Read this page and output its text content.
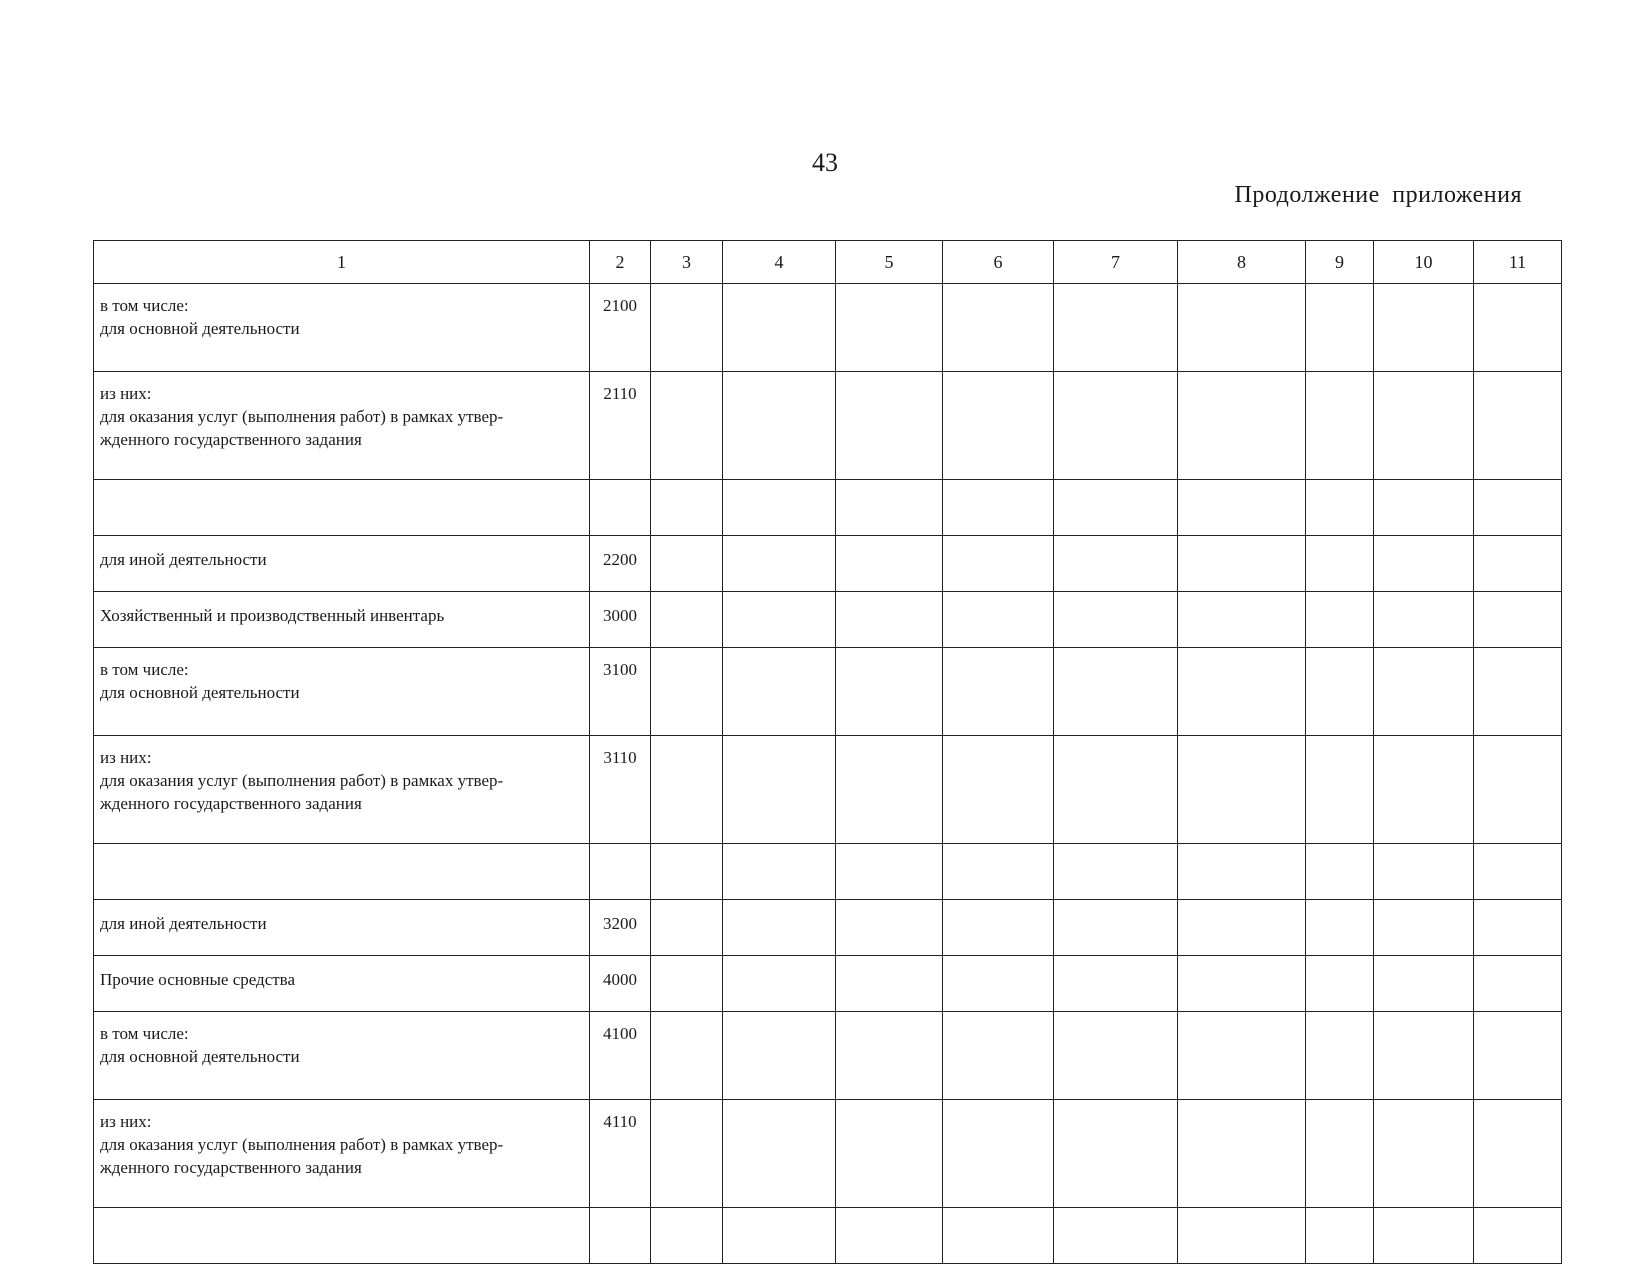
43
Продолжение приложения
1	2	3	4	5	6	7	8	9	10	11

в том числе:
для основной деятельности	2100									

из них:
для оказания услуг (выполнения работ) в рамках утвер-
жденного государственного задания	2110									

для иной деятельности	2200									

Хозяйственный и производственный инвентарь	3000									

в том числе:
для основной деятельности	3100									

из них:
для оказания услуг (выполнения работ) в рамках утвер-
жденного государственного задания	3110									

для иной деятельности	3200									

Прочие основные средства	4000									

в том числе:
для основной деятельности	4100									

из них:
для оказания услуг (выполнения работ) в рамках утвер-
жденного государственного задания	4110									
